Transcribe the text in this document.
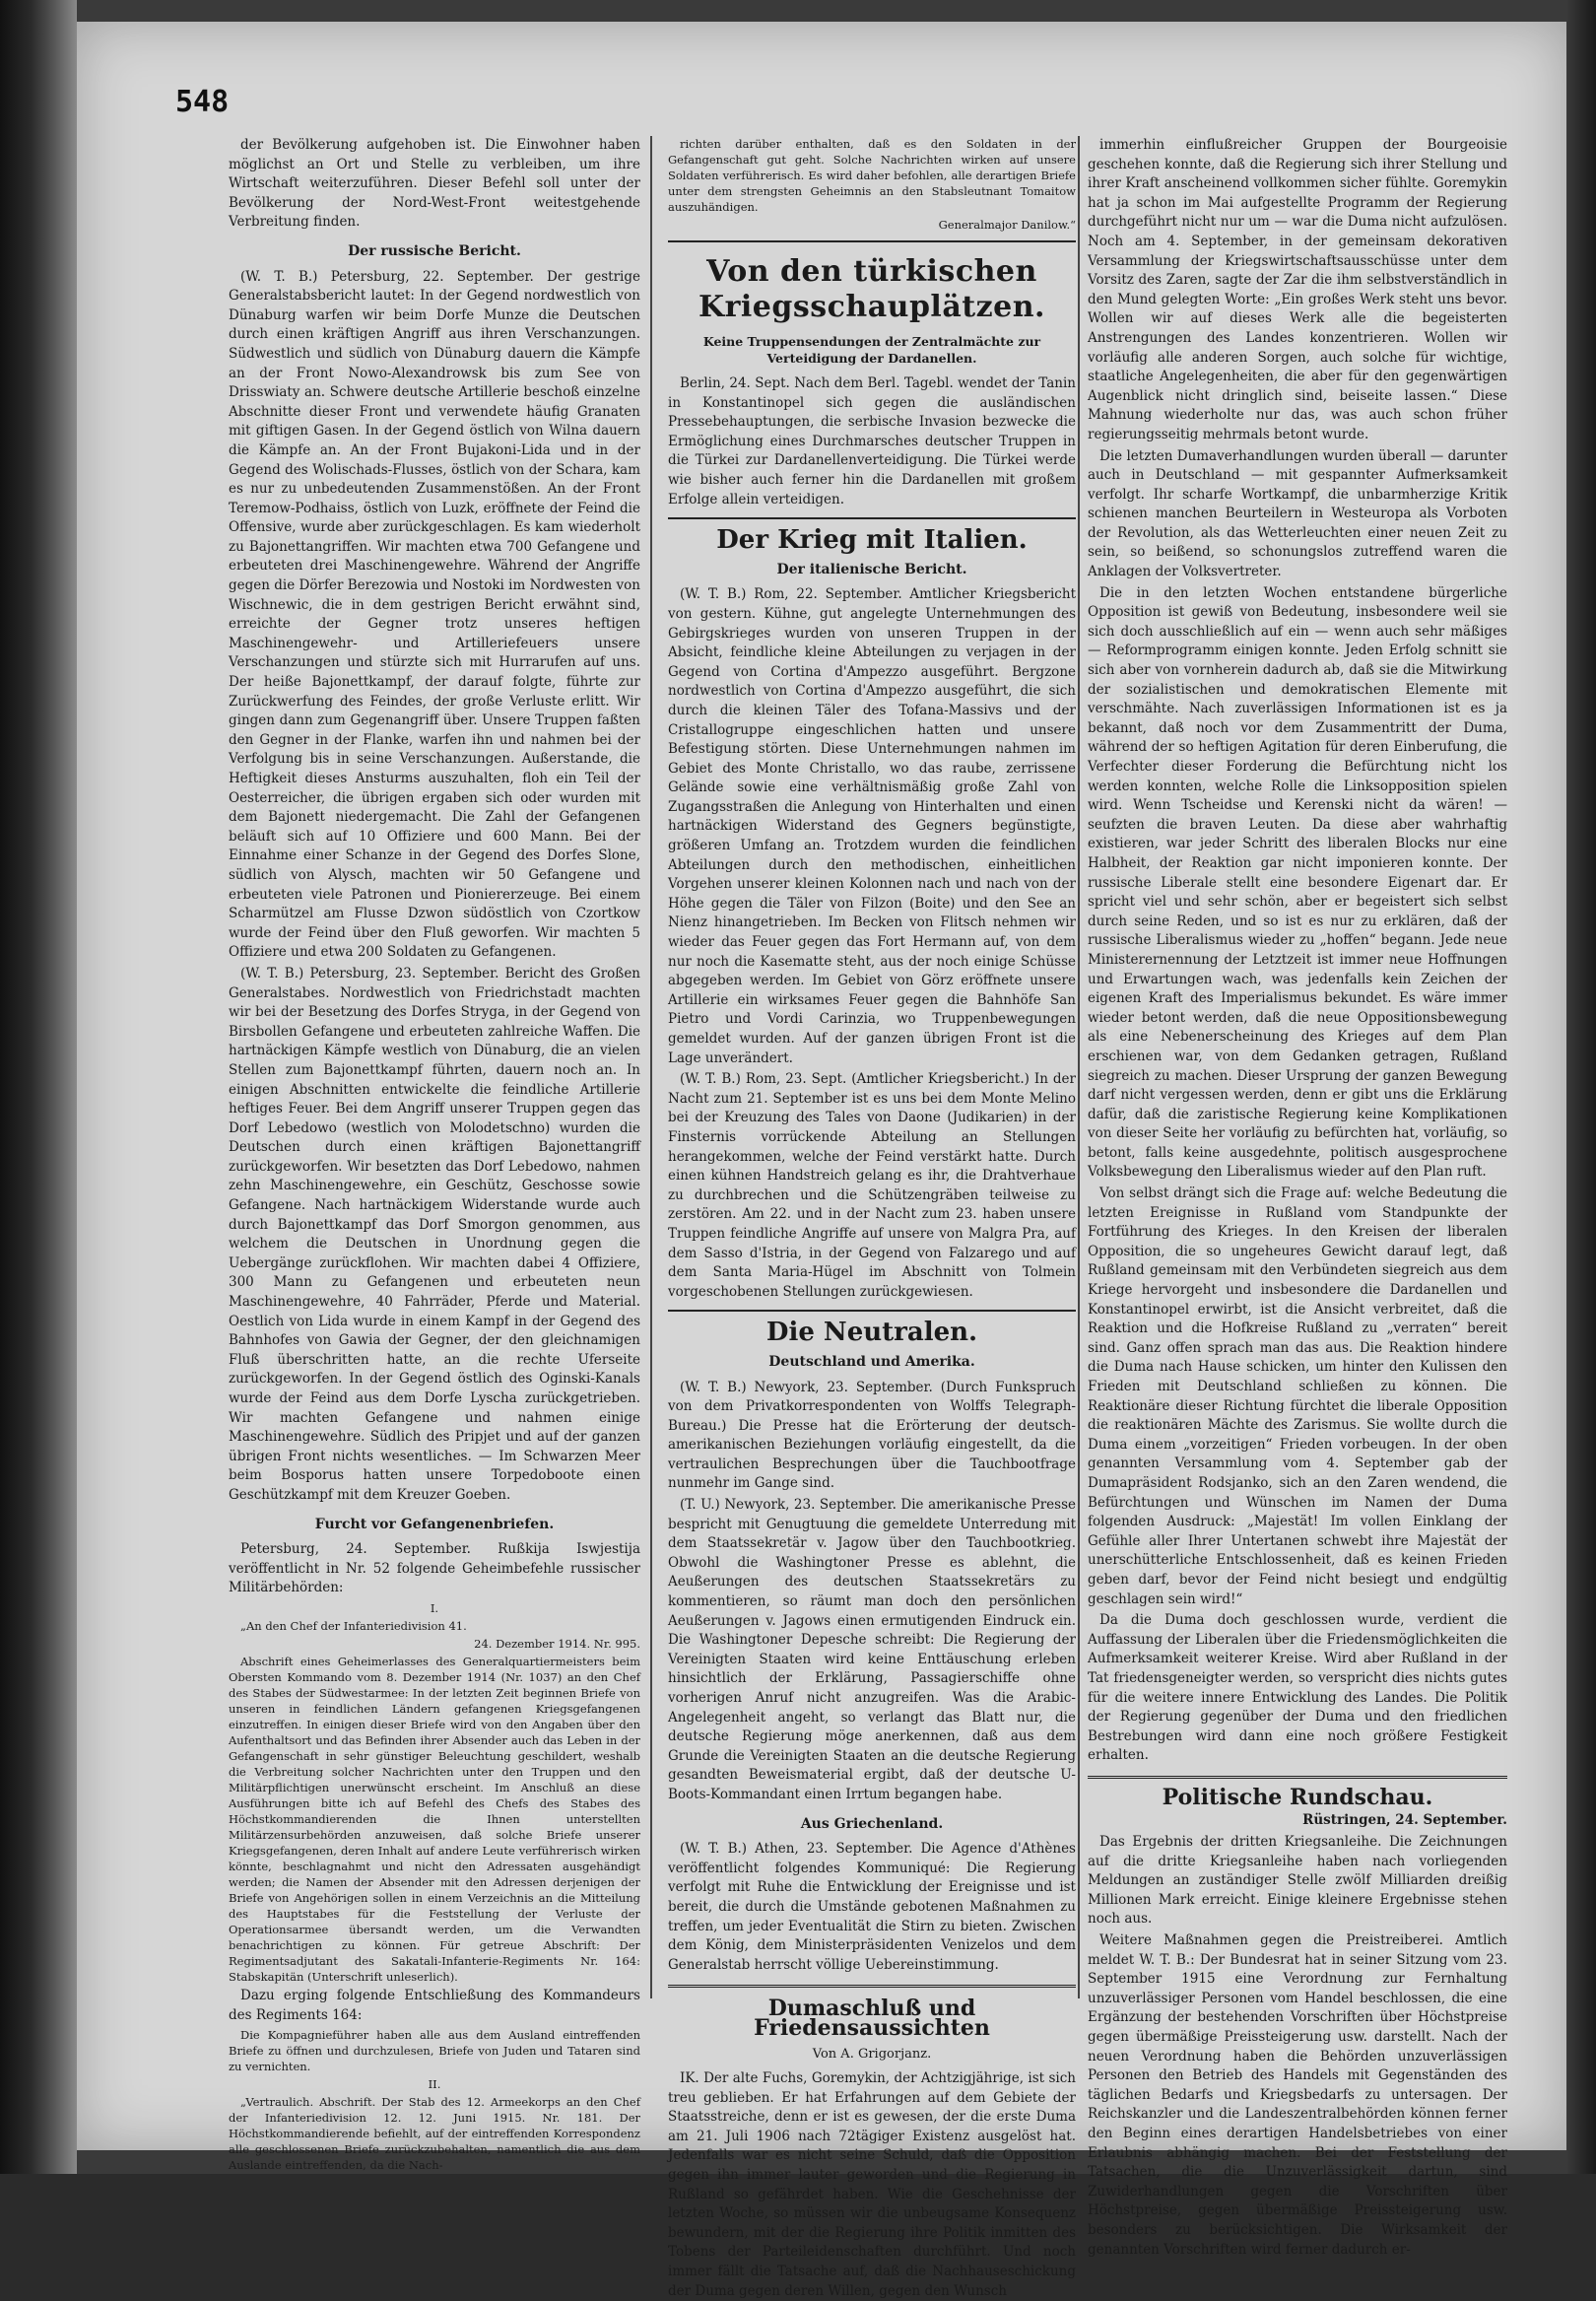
548

der Bevölkerung aufgehoben ist. Die Einwohner haben möglichst an Ort und Stelle zu verbleiben, um ihre Wirtschaft weiterzuführen. Dieser Befehl soll unter der Bevölkerung der Nord-West-Front weitestgehende Verbreitung finden.

Der russische Bericht.

(W. T. B.) Petersburg, 22. September. Der gestrige Generalstabsbericht lautet: In der Gegend nordwestlich von Dünaburg warfen wir beim Dorfe Munze die Deutschen durch einen kräftigen Angriff aus ihren Verschanzungen. Südwestlich und südlich von Dünaburg dauern die Kämpfe an der Front Nowo-Alexandrowsk bis zum See von Drisswiaty an. Schwere deutsche Artillerie beschoß einzelne Abschnitte dieser Front und verwendete häufig Granaten mit giftigen Gasen. In der Gegend östlich von Wilna dauern die Kämpfe an. An der Front Bujakoni-Lida und in der Gegend des Wolischads-Flusses, östlich von der Schara, kam es nur zu unbedeutenden Zusammenstößen. An der Front Teremow-Podhaiss, östlich von Luzk, eröffnete der Feind die Offensive, wurde aber zurückgeschlagen. Es kam wiederholt zu Bajonettangriffen. Wir machten etwa 700 Gefangene und erbeuteten drei Maschinengewehre. Während der Angriffe gegen die Dörfer Berezowia und Nostoki im Nordwesten von Wischnewic, die in dem gestrigen Bericht erwähnt sind, erreichte der Gegner trotz unseres heftigen Maschinengewehr- und Artilleriefeuers unsere Verschanzungen und stürzte sich mit Hurrarufen auf uns. Der heiße Bajonettkampf, der darauf folgte, führte zur Zurückwerfung des Feindes, der große Verluste erlitt. Wir gingen dann zum Gegenangriff über. Unsere Truppen faßten den Gegner in der Flanke, warfen ihn und nahmen bei der Verfolgung bis in seine Verschanzungen. Außerstande, die Heftigkeit dieses Ansturms auszuhalten, floh ein Teil der Oesterreicher, die übrigen ergaben sich oder wurden mit dem Bajonett niedergemacht. Die Zahl der Gefangenen beläuft sich auf 10 Offiziere und 600 Mann. Bei der Einnahme einer Schanze in der Gegend des Dorfes Slone, südlich von Alysch, machten wir 50 Gefangene und erbeuteten viele Patronen und Pioniererzeuge. Bei einem Scharmützel am Flusse Dzwon südöstlich von Czortkow wurde der Feind über den Fluß geworfen. Wir machten 5 Offiziere und etwa 200 Soldaten zu Gefangenen.

(W. T. B.) Petersburg, 23. September. Bericht des Großen Generalstabes. Nordwestlich von Friedrichstadt machten wir bei der Besetzung des Dorfes Stryga, in der Gegend von Birsbollen Gefangene und erbeuteten zahlreiche Waffen. Die hartnäckigen Kämpfe westlich von Dünaburg, die an vielen Stellen zum Bajonettkampf führten, dauern noch an. In einigen Abschnitten entwickelte die feindliche Artillerie heftiges Feuer. Bei dem Angriff unserer Truppen gegen das Dorf Lebedowo (westlich von Molodetschno) wurden die Deutschen durch einen kräftigen Bajonettangriff zurückgeworfen. Wir besetzten das Dorf Lebedowo, nahmen zehn Maschinengewehre, ein Geschütz, Geschosse sowie Gefangene. Nach hartnäckigem Widerstande wurde auch durch Bajonettkampf das Dorf Smorgon genommen, aus welchem die Deutschen in Unordnung gegen die Uebergänge zurückflohen. Wir machten dabei 4 Offiziere, 300 Mann zu Gefangenen und erbeuteten neun Maschinengewehre, 40 Fahrräder, Pferde und Material. Oestlich von Lida wurde in einem Kampf in der Gegend des Bahnhofes von Gawia der Gegner, der den gleichnamigen Fluß überschritten hatte, an die rechte Uferseite zurückgeworfen. In der Gegend östlich des Oginski-Kanals wurde der Feind aus dem Dorfe Lyscha zurückgetrieben. Wir machten Gefangene und nahmen einige Maschinengewehre. Südlich des Pripjet und auf der ganzen übrigen Front nichts wesentliches. — Im Schwarzen Meer beim Bosporus hatten unsere Torpedoboote einen Geschützkampf mit dem Kreuzer Goeben.

Furcht vor Gefangenenbriefen.

Petersburg, 24. September. Rußkija Iswjestija veröffentlicht in Nr. 52 folgende Geheimbefehle russischer Militärbehörden:

I.

„An den Chef der Infanteriedivision 41.

24. Dezember 1914. Nr. 995.

Abschrift eines Geheimerlasses des Generalquartiermeisters beim Obersten Kommando vom 8. Dezember 1914 (Nr. 1037) an den Chef des Stabes der Südwestarmee: In der letzten Zeit beginnen Briefe von unseren in feindlichen Ländern gefangenen Kriegsgefangenen einzutreffen. In einigen dieser Briefe wird von den Angaben über den Aufenthaltsort und das Befinden ihrer Absender auch das Leben in der Gefangenschaft in sehr günstiger Beleuchtung geschildert, weshalb die Verbreitung solcher Nachrichten unter den Truppen und den Militärpflichtigen unerwünscht erscheint. Im Anschluß an diese Ausführungen bitte ich auf Befehl des Chefs des Stabes des Höchstkommandierenden die Ihnen unterstellten Militärzensurbehörden anzuweisen, daß solche Briefe unserer Kriegsgefangenen, deren Inhalt auf andere Leute verführerisch wirken könnte, beschlagnahmt und nicht den Adressaten ausgehändigt werden; die Namen der Absender mit den Adressen derjenigen der Briefe von Angehörigen sollen in einem Verzeichnis an die Mitteilung des Hauptstabes für die Feststellung der Verluste der Operationsarmee übersandt werden, um die Verwandten benachrichtigen zu können. Für getreue Abschrift: Der Regimentsadjutant des Sakatali-Infanterie-Regiments Nr. 164: Stabskapitän (Unterschrift unleserlich).

Dazu erging folgende Entschließung des Kommandeurs des Regiments 164:

Die Kompagnieführer haben alle aus dem Ausland eintreffenden Briefe zu öffnen und durchzulesen, Briefe von Juden und Tataren sind zu vernichten.

II.

„Vertraulich. Abschrift. Der Stab des 12. Armeekorps an den Chef der Infanteriedivision 12. 12. Juni 1915. Nr. 181. Der Höchstkommandierende befiehlt, auf der eintreffenden Korrespondenz alle geschlossenen Briefe zurückzubehalten, namentlich die aus dem Auslande eintreffenden, da die Nach-

richten darüber enthalten, daß es den Soldaten in der Gefangenschaft gut geht. Solche Nachrichten wirken auf unsere Soldaten verführerisch. Es wird daher befohlen, alle derartigen Briefe unter dem strengsten Geheimnis an den Stabsleutnant Tomaitow auszuhändigen.

Generalmajor Danilow.“

Von den türkischen Kriegsschauplätzen.
Keine Truppensendungen der Zentralmächte zur Verteidigung der Dardanellen.

Berlin, 24. Sept. Nach dem Berl. Tagebl. wendet der Tanin in Konstantinopel sich gegen die ausländischen Pressebehauptungen, die serbische Invasion bezwecke die Ermöglichung eines Durchmarsches deutscher Truppen in die Türkei zur Dardanellenverteidigung. Die Türkei werde wie bisher auch ferner hin die Dardanellen mit großem Erfolge allein verteidigen.

Der Krieg mit Italien.
Der italienische Bericht.

(W. T. B.) Rom, 22. September. Amtlicher Kriegsbericht von gestern. Kühne, gut angelegte Unternehmungen des Gebirgskrieges wurden von unseren Truppen in der Absicht, feindliche kleine Abteilungen zu verjagen in der Gegend von Cortina d'Ampezzo ausgeführt. Bergzone nordwestlich von Cortina d'Ampezzo ausgeführt, die sich durch die kleinen Täler des Tofana-Massivs und der Cristallogruppe eingeschlichen hatten und unsere Befestigung störten. Diese Unternehmungen nahmen im Gebiet des Monte Christallo, wo das raube, zerrissene Gelände sowie eine verhältnismäßig große Zahl von Zugangsstraßen die Anlegung von Hinterhalten und einen hartnäckigen Widerstand des Gegners begünstigte, größeren Umfang an. Trotzdem wurden die feindlichen Abteilungen durch den methodischen, einheitlichen Vorgehen unserer kleinen Kolonnen nach und nach von der Höhe gegen die Täler von Filzon (Boite) und den See an Nienz hinangetrieben. Im Becken von Flitsch nehmen wir wieder das Feuer gegen das Fort Hermann auf, von dem nur noch die Kasematte steht, aus der noch einige Schüsse abgegeben werden. Im Gebiet von Görz eröffnete unsere Artillerie ein wirksames Feuer gegen die Bahnhöfe San Pietro und Vordi Carinzia, wo Truppenbewegungen gemeldet wurden. Auf der ganzen übrigen Front ist die Lage unverändert.

(W. T. B.) Rom, 23. Sept. (Amtlicher Kriegsbericht.) In der Nacht zum 21. September ist es uns bei dem Monte Melino bei der Kreuzung des Tales von Daone (Judikarien) in der Finsternis vorrückende Abteilung an Stellungen herangekommen, welche der Feind verstärkt hatte. Durch einen kühnen Handstreich gelang es ihr, die Drahtverhaue zu durchbrechen und die Schützengräben teilweise zu zerstören. Am 22. und in der Nacht zum 23. haben unsere Truppen feindliche Angriffe auf unsere von Malgra Pra, auf dem Sasso d'Istria, in der Gegend von Falzarego und auf dem Santa Maria-Hügel im Abschnitt von Tolmein vorgeschobenen Stellungen zurückgewiesen.

Die Neutralen.
Deutschland und Amerika.

(W. T. B.) Newyork, 23. September. (Durch Funkspruch von dem Privatkorrespondenten von Wolffs Telegraph-Bureau.) Die Presse hat die Erörterung der deutsch-amerikanischen Beziehungen vorläufig eingestellt, da die vertraulichen Besprechungen über die Tauchbootfrage nunmehr im Gange sind.

(T. U.) Newyork, 23. September. Die amerikanische Presse bespricht mit Genugtuung die gemeldete Unterredung mit dem Staatssekretär v. Jagow über den Tauchbootkrieg. Obwohl die Washingtoner Presse es ablehnt, die Aeußerungen des deutschen Staatssekretärs zu kommentieren, so räumt man doch den persönlichen Aeußerungen v. Jagows einen ermutigenden Eindruck ein. Die Washingtoner Depesche schreibt: Die Regierung der Vereinigten Staaten wird keine Enttäuschung erleben hinsichtlich der Erklärung, Passagierschiffe ohne vorherigen Anruf nicht anzugreifen. Was die Arabic-Angelegenheit angeht, so verlangt das Blatt nur, die deutsche Regierung möge anerkennen, daß aus dem Grunde die Vereinigten Staaten an die deutsche Regierung gesandten Beweismaterial ergibt, daß der deutsche U-Boots-Kommandant einen Irrtum begangen habe.

Aus Griechenland.

(W. T. B.) Athen, 23. September. Die Agence d'Athènes veröffentlicht folgendes Kommuniqué: Die Regierung verfolgt mit Ruhe die Entwicklung der Ereignisse und ist bereit, die durch die Umstände gebotenen Maßnahmen zu treffen, um jeder Eventualität die Stirn zu bieten. Zwischen dem König, dem Ministerpräsidenten Venizelos und dem Generalstab herrscht völlige Uebereinstimmung.

Dumaschluß und Friedensaussichten
Von A. Grigorjanz.

IK. Der alte Fuchs, Goremykin, der Achtzigjährige, ist sich treu geblieben. Er hat Erfahrungen auf dem Gebiete der Staatsstreiche, denn er ist es gewesen, der die erste Duma am 21. Juli 1906 nach 72tägiger Existenz ausgelöst hat. Jedenfalls war es nicht seine Schuld, daß die Opposition gegen ihn immer lauter geworden und die Regierung in Rußland so gefährdet haben. Wie die Geschehnisse der letzten Woche, so müssen wir die unbeugsame Konsequenz bewundern, mit der die Regierung ihre Politik inmitten des Tobens der Parteileidenschaften durchführt. Und noch immer fällt die Tatsache auf, daß die Nachhauseschickung der Duma gegen deren Willen, gegen den Wunsch

immerhin einflußreicher Gruppen der Bourgeoisie geschehen konnte, daß die Regierung sich ihrer Stellung und ihrer Kraft anscheinend vollkommen sicher fühlte. Goremykin hat ja schon im Mai aufgestellte Programm der Regierung durchgeführt nicht nur um — war die Duma nicht aufzulösen. Noch am 4. September, in der gemeinsam dekorativen Versammlung der Kriegswirtschaftsausschüsse unter dem Vorsitz des Zaren, sagte der Zar die ihm selbstverständlich in den Mund gelegten Worte: „Ein großes Werk steht uns bevor. Wollen wir auf dieses Werk alle die begeisterten Anstrengungen des Landes konzentrieren. Wollen wir vorläufig alle anderen Sorgen, auch solche für wichtige, staatliche Angelegenheiten, die aber für den gegenwärtigen Augenblick nicht dringlich sind, beiseite lassen.“ Diese Mahnung wiederholte nur das, was auch schon früher regierungsseitig mehrmals betont wurde.

Die letzten Dumaverhandlungen wurden überall — darunter auch in Deutschland — mit gespannter Aufmerksamkeit verfolgt. Ihr scharfe Wortkampf, die unbarmherzige Kritik schienen manchen Beurteilern in Westeuropa als Vorboten der Revolution, als das Wetterleuchten einer neuen Zeit zu sein, so beißend, so schonungslos zutreffend waren die Anklagen der Volksvertreter.

Die in den letzten Wochen entstandene bürgerliche Opposition ist gewiß von Bedeutung, insbesondere weil sie sich doch ausschließlich auf ein — wenn auch sehr mäßiges — Reformprogramm einigen konnte. Jeden Erfolg schnitt sie sich aber von vornherein dadurch ab, daß sie die Mitwirkung der sozialistischen und demokratischen Elemente mit verschmähte. Nach zuverlässigen Informationen ist es ja bekannt, daß noch vor dem Zusammentritt der Duma, während der so heftigen Agitation für deren Einberufung, die Verfechter dieser Forderung die Befürchtung nicht los werden konnten, welche Rolle die Linksopposition spielen wird. Wenn Tscheidse und Kerenski nicht da wären! — seufzten die braven Leuten. Da diese aber wahrhaftig existieren, war jeder Schritt des liberalen Blocks nur eine Halbheit, der Reaktion gar nicht imponieren konnte. Der russische Liberale stellt eine besondere Eigenart dar. Er spricht viel und sehr schön, aber er begeistert sich selbst durch seine Reden, und so ist es nur zu erklären, daß der russische Liberalismus wieder zu „hoffen“ begann. Jede neue Ministerernennung der Letztzeit ist immer neue Hoffnungen und Erwartungen wach, was jedenfalls kein Zeichen der eigenen Kraft des Imperialismus bekundet. Es wäre immer wieder betont werden, daß die neue Oppositionsbewegung als eine Nebenerscheinung des Krieges auf dem Plan erschienen war, von dem Gedanken getragen, Rußland siegreich zu machen. Dieser Ursprung der ganzen Bewegung darf nicht vergessen werden, denn er gibt uns die Erklärung dafür, daß die zaristische Regierung keine Komplikationen von dieser Seite her vorläufig zu befürchten hat, vorläufig, so betont, falls keine ausgedehnte, politisch ausgesprochene Volksbewegung den Liberalismus wieder auf den Plan ruft.

Von selbst drängt sich die Frage auf: welche Bedeutung die letzten Ereignisse in Rußland vom Standpunkte der Fortführung des Krieges. In den Kreisen der liberalen Opposition, die so ungeheures Gewicht darauf legt, daß Rußland gemeinsam mit den Verbündeten siegreich aus dem Kriege hervorgeht und insbesondere die Dardanellen und Konstantinopel erwirbt, ist die Ansicht verbreitet, daß die Reaktion und die Hofkreise Rußland zu „verraten“ bereit sind. Ganz offen sprach man das aus. Die Reaktion hindere die Duma nach Hause schicken, um hinter den Kulissen den Frieden mit Deutschland schließen zu können. Die Reaktionäre dieser Richtung fürchtet die liberale Opposition die reaktionären Mächte des Zarismus. Sie wollte durch die Duma einem „vorzeitigen“ Frieden vorbeugen. In der oben genannten Versammlung vom 4. September gab der Dumapräsident Rodsjanko, sich an den Zaren wendend, die Befürchtungen und Wünschen im Namen der Duma folgenden Ausdruck: „Majestät! Im vollen Einklang der Gefühle aller Ihrer Untertanen schwebt ihre Majestät der unerschütterliche Entschlossenheit, daß es keinen Frieden geben darf, bevor der Feind nicht besiegt und endgültig geschlagen sein wird!“

Da die Duma doch geschlossen wurde, verdient die Auffassung der Liberalen über die Friedensmöglichkeiten die Aufmerksamkeit weiterer Kreise. Wird aber Rußland in der Tat friedensgeneigter werden, so verspricht dies nichts gutes für die weitere innere Entwicklung des Landes. Die Politik der Regierung gegenüber der Duma und den friedlichen Bestrebungen wird dann eine noch größere Festigkeit erhalten.

Politische Rundschau.

Rüstringen, 24. September.

Das Ergebnis der dritten Kriegsanleihe. Die Zeichnungen auf die dritte Kriegsanleihe haben nach vorliegenden Meldungen an zuständiger Stelle zwölf Milliarden dreißig Millionen Mark erreicht. Einige kleinere Ergebnisse stehen noch aus.

Weitere Maßnahmen gegen die Preistreiberei. Amtlich meldet W. T. B.: Der Bundesrat hat in seiner Sitzung vom 23. September 1915 eine Verordnung zur Fernhaltung unzuverlässiger Personen vom Handel beschlossen, die eine Ergänzung der bestehenden Vorschriften über Höchstpreise gegen übermäßige Preissteigerung usw. darstellt. Nach der neuen Verordnung haben die Behörden unzuverlässigen Personen den Betrieb des Handels mit Gegenständen des täglichen Bedarfs und Kriegsbedarfs zu untersagen. Der Reichskanzler und die Landeszentralbehörden können ferner den Beginn eines derartigen Handelsbetriebes von einer Erlaubnis abhängig machen. Bei der Feststellung der Tatsachen, die die Unzuverlässigkeit dartun, sind Zuwiderhandlungen gegen die Vorschriften über Höchstpreise, gegen übermäßige Preissteigerung usw. besonders zu berücksichtigen. Die Wirksamkeit der genannten Vorschriften wird ferner dadurch er-
